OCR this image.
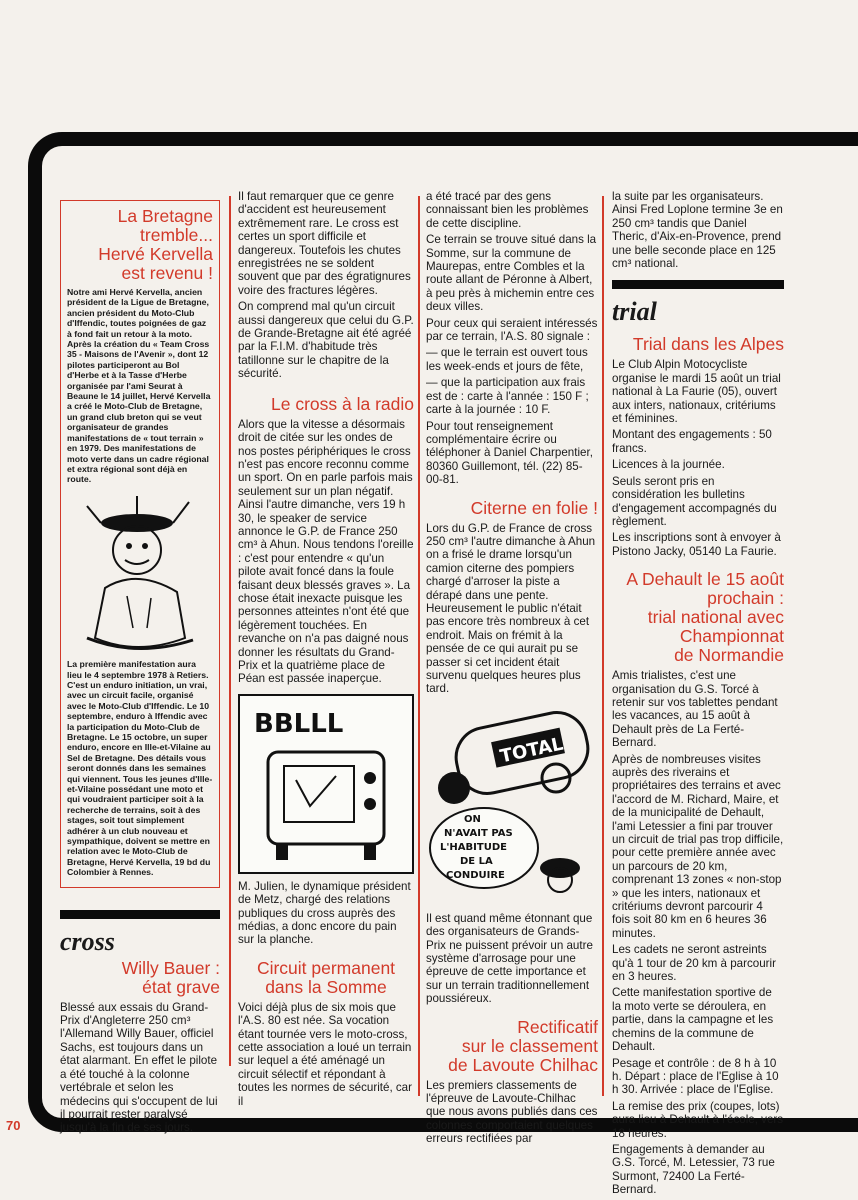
La Bretagne
tremble...
Hervé Kervella
est revenu !

Notre ami Hervé Kervella, ancien président de la Ligue de Bretagne, ancien président du Moto-Club d'Iffendic, toutes poignées de gaz à fond fait un retour à la moto. Après la création du « Team Cross 35 - Maisons de l'Avenir », dont 12 pilotes participeront au Bol d'Herbe et à la Tasse d'Herbe organisée par l'ami Seurat à Beaune le 14 juillet, Hervé Kervella a créé le Moto-Club de Bretagne, un grand club breton qui se veut organisateur de grandes manifestations de « tout terrain » en 1979. Des manifestations de moto verte dans un cadre régional et extra régional sont déjà en route.

La première manifestation aura lieu le 4 septembre 1978 à Retiers. C'est un enduro initiation, un vrai, avec un circuit facile, organisé avec le Moto-Club d'Iffendic. Le 10 septembre, enduro à Iffendic avec la participation du Moto-Club de Bretagne. Le 15 octobre, un super enduro, encore en Ille-et-Vilaine au Sel de Bretagne. Des détails vous seront donnés dans les semaines qui viennent. Tous les jeunes d'Ille-et-Vilaine possédant une moto et qui voudraient participer soit à la recherche de terrains, soit à des stages, soit tout simplement adhérer à un club nouveau et sympathique, doivent se mettre en relation avec le Moto-Club de Bretagne, Hervé Kervella, 19 bd du Colombier à Rennes.

cross
Willy Bauer :
état grave

Blessé aux essais du Grand-Prix d'Angleterre 250 cm³ l'Allemand Willy Bauer, officiel Sachs, est toujours dans un état alarmant. En effet le pilote a été touché à la colonne vertébrale et selon les médecins qui s'occupent de lui il pourrait rester paralysé jusqu'à la fin de ses jours.

Il faut remarquer que ce genre d'accident est heureusement extrêmement rare. Le cross est certes un sport difficile et dangereux. Toutefois les chutes enregistrées ne se soldent souvent que par des égratignures voire des fractures légères.

On comprend mal qu'un circuit aussi dangereux que celui du G.P. de Grande-Bretagne ait été agréé par la F.I.M. d'habitude très tatillonne sur le chapitre de la sécurité.

Le cross à la radio

Alors que la vitesse a désormais droit de citée sur les ondes de nos postes périphériques le cross n'est pas encore reconnu comme un sport. On en parle parfois mais seulement sur un plan négatif. Ainsi l'autre dimanche, vers 19 h 30, le speaker de service annonce le G.P. de France 250 cm³ à Ahun. Nous tendons l'oreille : c'est pour entendre « qu'un pilote avait foncé dans la foule faisant deux blessés graves ». La chose était inexacte puisque les personnes atteintes n'ont été que légèrement touchées. En revanche on n'a pas daigné nous donner les résultats du Grand-Prix et la quatrième place de Péan est passée inaperçue.

BBLLL

M. Julien, le dynamique président de Metz, chargé des relations publiques du cross auprès des médias, a donc encore du pain sur la planche.

Circuit permanent
dans la Somme

Voici déjà plus de six mois que l'A.S. 80 est née. Sa vocation étant tournée vers le moto-cross, cette association a loué un terrain sur lequel a été aménagé un circuit sélectif et répondant à toutes les normes de sécurité, car il

a été tracé par des gens connaissant bien les problèmes de cette discipline.

Ce terrain se trouve situé dans la Somme, sur la commune de Maurepas, entre Combles et la route allant de Péronne à Albert, à peu près à michemin entre ces deux villes.

Pour ceux qui seraient intéressés par ce terrain, l'A.S. 80 signale :

— que le terrain est ouvert tous les week-ends et jours de fête,

— que la participation aux frais est de : carte à l'année : 150 F ; carte à la journée : 10 F.

Pour tout renseignement complémentaire écrire ou téléphoner à Daniel Charpentier, 80360 Guillemont, tél. (22) 85-00-81.

Citerne en folie !

Lors du G.P. de France de cross 250 cm³ l'autre dimanche à Ahun on a frisé le drame lorsqu'un camion citerne des pompiers chargé d'arroser la piste a dérapé dans une pente. Heureusement le public n'était pas encore très nombreux à cet endroit. Mais on frémit à la pensée de ce qui aurait pu se passer si cet incident était survenu quelques heures plus tard.

TOTAL
ON
N'AVAIT PAS
L'HABITUDE
DE LA
CONDUIRE

Il est quand même étonnant que des organisateurs de Grands-Prix ne puissent prévoir un autre système d'arrosage pour une épreuve de cette importance et sur un terrain traditionnellement poussiéreux.

Rectificatif
sur le classement
de Lavoute Chilhac

Les premiers classements de l'épreuve de Lavoute-Chilhac que nous avons publiés dans ces colonnes comportaient quelques erreurs rectifiées par

la suite par les organisateurs. Ainsi Fred Loplone termine 3e en 250 cm³ tandis que Daniel Theric, d'Aix-en-Provence, prend une belle seconde place en 125 cm³ national.

trial
Trial dans les Alpes

Le Club Alpin Motocycliste organise le mardi 15 août un trial national à La Faurie (05), ouvert aux inters, nationaux, critériums et féminines.

Montant des engagements : 50 francs.

Licences à la journée.

Seuls seront pris en considération les bulletins d'engagement accompagnés du règlement.

Les inscriptions sont à envoyer à Pistono Jacky, 05140 La Faurie.

A Dehault le 15 août
prochain :
trial national avec
Championnat
de Normandie

Amis trialistes, c'est une organisation du G.S. Torcé à retenir sur vos tablettes pendant les vacances, au 15 août à Dehault près de La Ferté-Bernard.

Après de nombreuses visites auprès des riverains et propriétaires des terrains et avec l'accord de M. Richard, Maire, et de la municipalité de Dehault, l'ami Letessier a fini par trouver un circuit de trial pas trop difficile, pour cette première année avec un parcours de 20 km, comprenant 13 zones « non-stop » que les inters, nationaux et critériums devront parcourir 4 fois soit 80 km en 6 heures 36 minutes.

Les cadets ne seront astreints qu'à 1 tour de 20 km à parcourir en 3 heures.

Cette manifestation sportive de la moto verte se déroulera, en partie, dans la campagne et les chemins de la commune de Dehault.

Pesage et contrôle : de 8 h à 10 h. Départ : place de l'Eglise à 10 h 30. Arrivée : place de l'Eglise.

La remise des prix (coupes, lots) aura lieu à Dehault à l'école, vers 18 heures.

Engagements à demander au G.S. Torcé, M. Letessier, 73 rue Surmont, 72400 La Ferté-Bernard.

70
